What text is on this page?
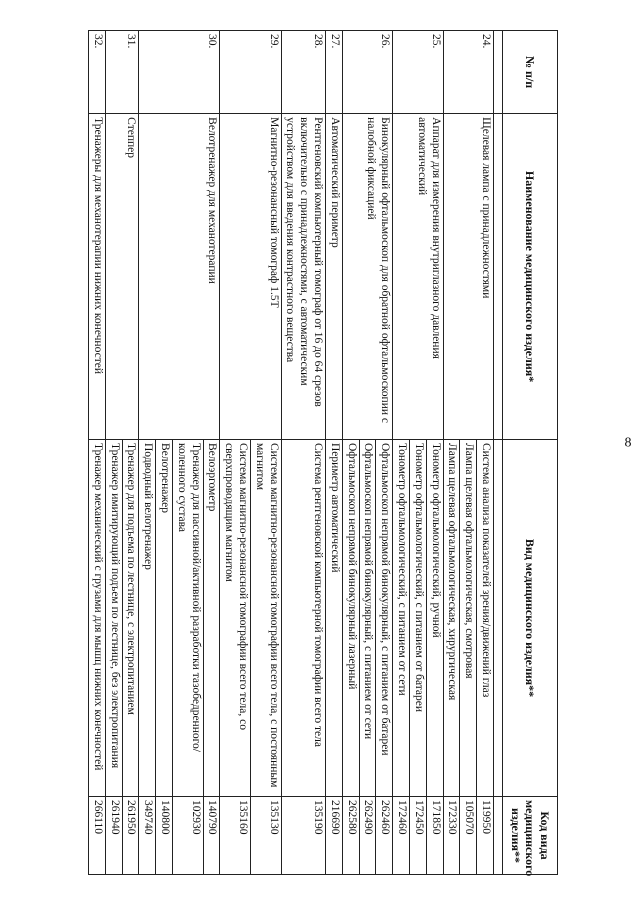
8
№ п/п	Наименование медицинского изделия*	Вид медицинского изделия**	Код вида медицинского изделия**

24.	Щелевая лампа с принадлежностями	Система анализа показателей зрения/движений глаз	119950
		Лампа щелевая офтальмологическая, смотровая	105070
		Лампа щелевая офтальмологическая, хирургическая	172330
25.	Аппарат для измерения внутриглазного давления автоматический	Тонометр офтальмологический, ручной	171850
		Тонометр офтальмологический, с питанием от батареи	172450
		Тонометр офтальмологический, с питанием от сети	172460
26.	Бинокулярный офтальмоскоп для обратной офтальмоскопии с налобной фиксацией	Офтальмоскоп непрямой бинокулярный, с питанием от батареи	262460
		Офтальмоскоп непрямой бинокулярный, с питанием от сети	262490
		Офтальмоскоп непрямой бинокулярный лазерный	262580
27.	Автоматический периметр	Периметр автоматический	216690
28.	Рентгеновский компьютерный томограф от 16 до 64 срезов включительно с принадлежностями, с автоматическим устройством для введения контрастного вещества	Система рентгеновской компьютерной томографии всего тела	135190
29.	Магнитно-резонансный томограф 1.5Т	Система магнитно-резонансной томографии всего тела, с постоянным магнитом	135130
		Система магнитно-резонансной томографии всего тела, со сверхпроводящим магнитом	135160
30.	Велотренажер для механотерапии	Велоэргометр	140790
		Тренажер для пассивной/активной разработки тазобедренного/коленного сустава	102930
		Велотренажер	140800
		Подводный велотренажер	349740
31.	Степпер	Тренажер для подъема по лестнице, с электропитанием	261950
		Тренажер имитирующий подъем по лестнице, без электропитания	261940
32.	Тренажеры для механотерапии нижних конечностей	Тренажер механический с грузами для мышц нижних конечностей	266110
